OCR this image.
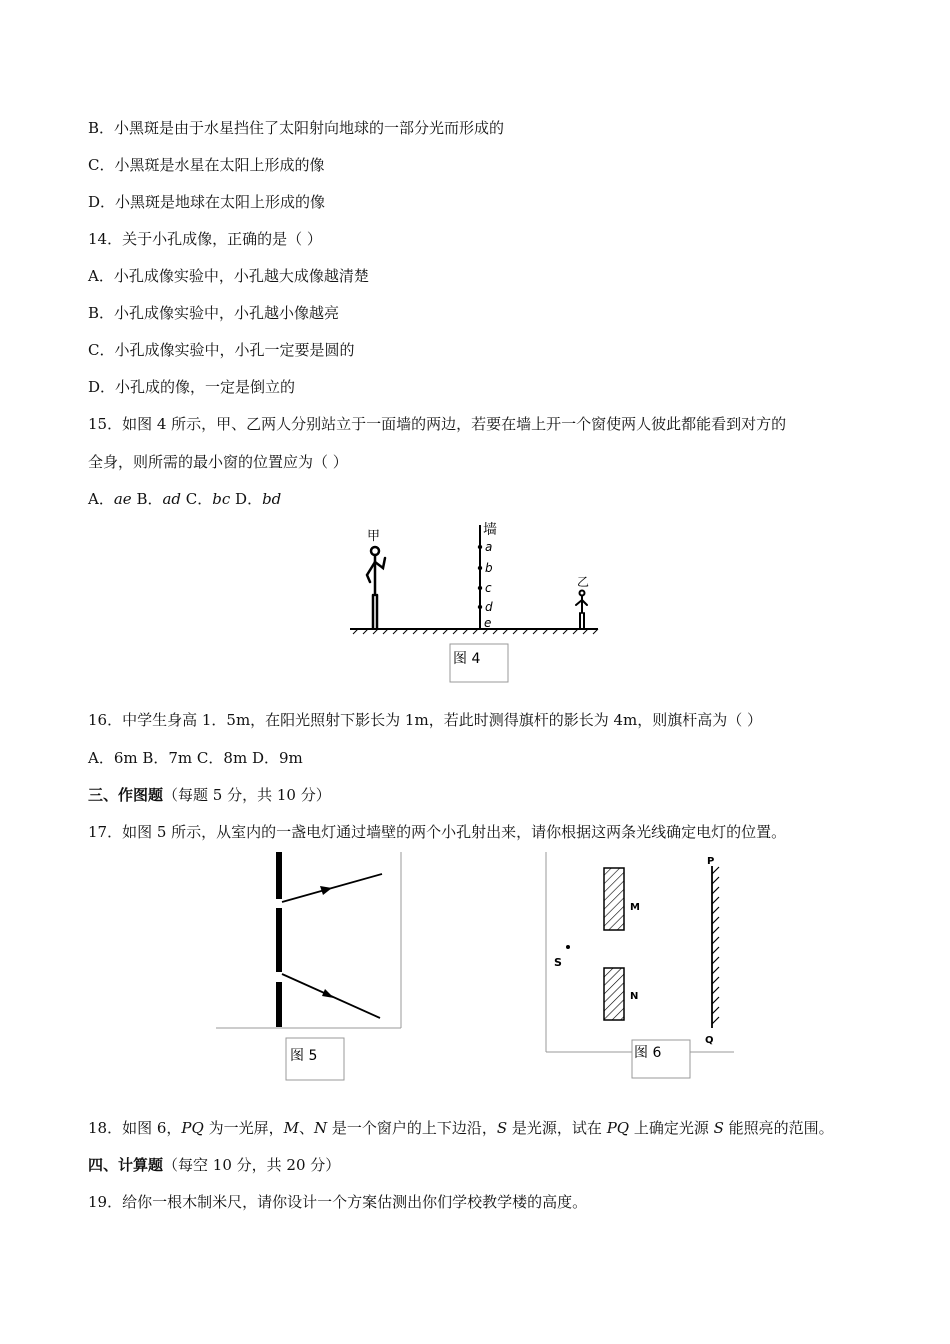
B．小黑斑是由于水星挡住了太阳射向地球的一部分光而形成的
C．小黑斑是水星在太阳上形成的像
D．小黑斑是地球在太阳上形成的像
14．关于小孔成像，正确的是（ ）
A．小孔成像实验中，小孔越大成像越清楚
B．小孔成像实验中，小孔越小像越亮
C．小孔成像实验中，小孔一定要是圆的
D．小孔成的像，一定是倒立的
15．如图 4 所示，甲、乙两人分别站立于一面墙的两边，若要在墙上开一个窗使两人彼此都能看到对方的
全身，则所需的最小窗的位置应为（ ）
A．ae B．ad C．bc D．bd
墙
a
b
c
d
e
甲
乙
图 4
16．中学生身高 1．5m，在阳光照射下影长为 1m，若此时测得旗杆的影长为 4m，则旗杆高为（ ）
A．6m B．7m C．8m D．9m
三、作图题（每题 5 分，共 10 分）
17．如图 5 所示，从室内的一盏电灯通过墙壁的两个小孔射出来，请你根据这两条光线确定电灯的位置。
图 5
M
N
S
P
Q
图 6
18．如图 6，PQ 为一光屏，M、N 是一个窗户的上下边沿，S 是光源，试在 PQ 上确定光源 S 能照亮的范围。
四、计算题（每空 10 分，共 20 分）
19．给你一根木制米尺，请你设计一个方案估测出你们学校教学楼的高度。
